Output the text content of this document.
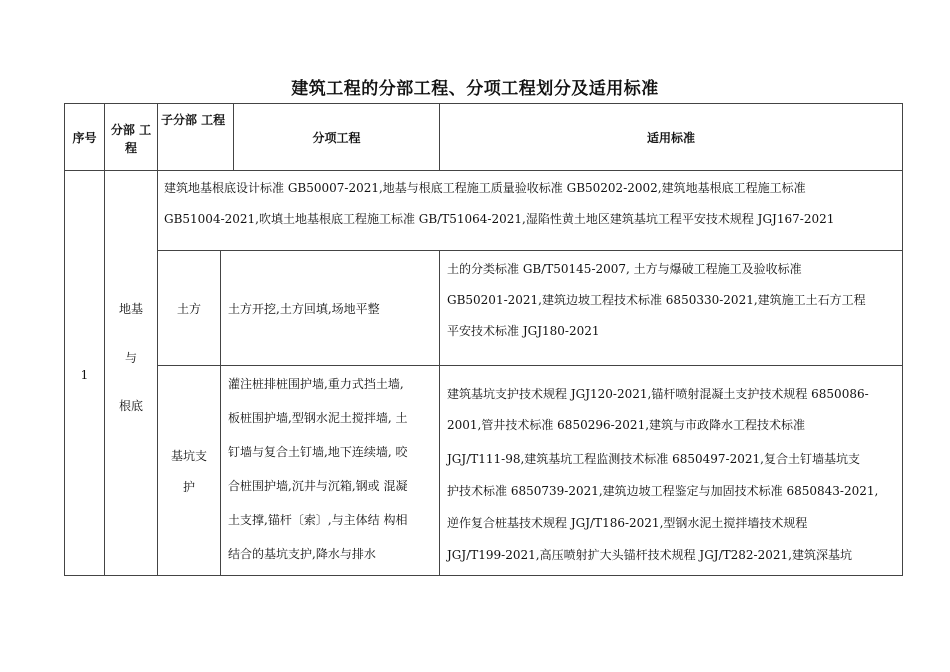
建筑工程的分部工程、分项工程划分及适用标准
序号
分部 工
程
子分部 工程
分项工程	适用标准
1
地基
与
根底
建筑地基根底设计标准 GB50007-2021,地基与根底工程施工质量验收标准 GB50202-2002,建筑地基根底工程施工标准
GB51004-2021,吹填土地基根底工程施工标准 GB/T51064-2021,湿陷性黄土地区建筑基坑工程平安技术规程 JGJ167-2021
土方	土方开挖,土方回填,场地平整
土的分类标准 GB/T50145-2007, 土方与爆破工程施工及验收标准
GB50201-2021,建筑边坡工程技术标准 6850330-2021,建筑施工土石方工程
平安技术标准 JGJ180-2021
基坑支
护
灌注桩排桩围护墙,重力式挡土墙,
板桩围护墙,型钢水泥土搅拌墙, 土
钉墙与复合土钉墙,地下连续墙, 咬
合桩围护墙,沉井与沉箱,钢或 混凝
土支撑,锚杆〔索〕,与主体结 构相
结合的基坑支护,降水与排水
建筑基坑支护技术规程 JGJ120-2021,锚杆喷射混凝土支护技术规程 6850086-
2001,管井技术标准 6850296-2021,建筑与市政降水工程技术标准
JGJ/T111-98,建筑基坑工程监测技术标准 6850497-2021,复合土钉墙基坑支
护技术标准 6850739-2021,建筑边坡工程鉴定与加固技术标准 6850843-2021,
逆作复合桩基技术规程 JGJ/T186-2021,型钢水泥土搅拌墙技术规程
JGJ/T199-2021,高压喷射扩大头锚杆技术规程 JGJ/T282-2021,建筑深基坑
